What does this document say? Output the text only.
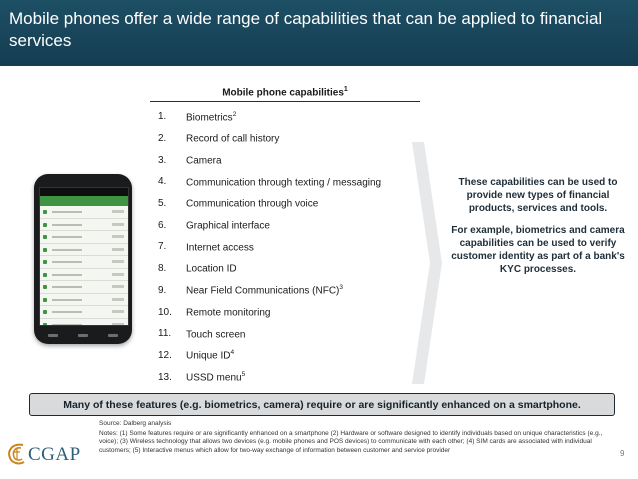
Mobile phones offer a wide range of capabilities that can be applied to financial services
Mobile phone capabilities$^1$
1.	Biometrics$^2$
2.	Record of call history
3.	Camera
4.	Communication through texting / messaging
5.	Communication through voice
6.	Graphical interface
7.	Internet access
8.	Location ID
9.	Near Field Communications (NFC)$^3$
10.	Remote monitoring
11.	Touch screen
12.	Unique $ID^4$
13.	USSD menu$^5$

These capabilities can be used to provide new types of financial products, services and tools.

For example, biometrics and camera capabilities can be used to verify customer identity as part of a bank's KYC processes.

Many of these features (e.g. biometrics, camera) require or are significantly enhanced on a smartphone.
Source: Dalberg analysis
Notes: (1) Some features require or are significantly enhanced on a smartphone (2) Hardware or software designed to identify individuals based on unique characteristics (e.g., voice); (3) Wireless technology that allows two devices (e.g. mobile phones and POS devices) to communicate with each other; (4) SIM cards are associated with individual customers; (5) Interactive menus which allow for two-way exchange of information between customer and service provider
CGAP	9
